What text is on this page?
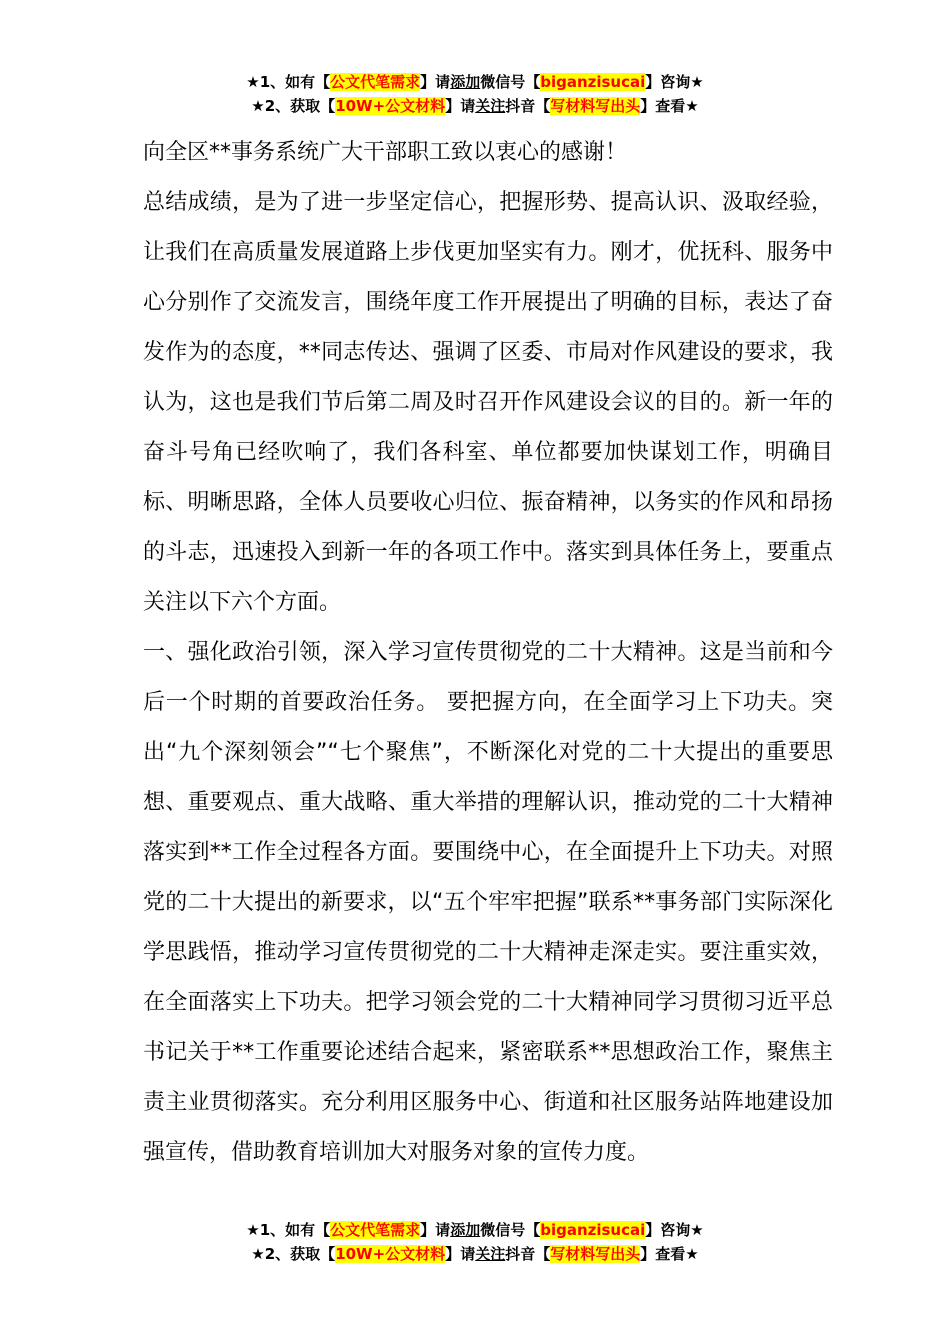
★1、如有【公文代笔需求】请添加微信号【biganzisucai】咨询★
★2、获取【10W+公文材料】请关注抖音【写材料写出头】查看★

向全区**事务系统广大干部职工致以衷心的感谢！

总结成绩，是为了进一步坚定信心，把握形势、提高认识、汲取经验，让我们在高质量发展道路上步伐更加坚实有力。刚才，优抚科、服务中心分别作了交流发言，围绕年度工作开展提出了明确的目标，表达了奋发作为的态度，**同志传达、强调了区委、市局对作风建设的要求，我认为，这也是我们节后第二周及时召开作风建设会议的目的。新一年的奋斗号角已经吹响了，我们各科室、单位都要加快谋划工作，明确目标、明晰思路，全体人员要收心归位、振奋精神，以务实的作风和昂扬的斗志，迅速投入到新一年的各项工作中。落实到具体任务上，要重点关注以下六个方面。

一、强化政治引领，深入学习宣传贯彻党的二十大精神。这是当前和今后一个时期的首要政治任务。 要把握方向，在全面学习上下功夫。突出“九个深刻领会”“七个聚焦”，不断深化对党的二十大提出的重要思想、重要观点、重大战略、重大举措的理解认识，推动党的二十大精神落实到**工作全过程各方面。要围绕中心，在全面提升上下功夫。对照党的二十大提出的新要求，以“五个牢牢把握”联系**事务部门实际深化学思践悟，推动学习宣传贯彻党的二十大精神走深走实。要注重实效，在全面落实上下功夫。把学习领会党的二十大精神同学习贯彻习近平总书记关于**工作重要论述结合起来，紧密联系**思想政治工作，聚焦主责主业贯彻落实。充分利用区服务中心、街道和社区服务站阵地建设加强宣传，借助教育培训加大对服务对象的宣传力度。

★1、如有【公文代笔需求】请添加微信号【biganzisucai】咨询★
★2、获取【10W+公文材料】请关注抖音【写材料写出头】查看★
